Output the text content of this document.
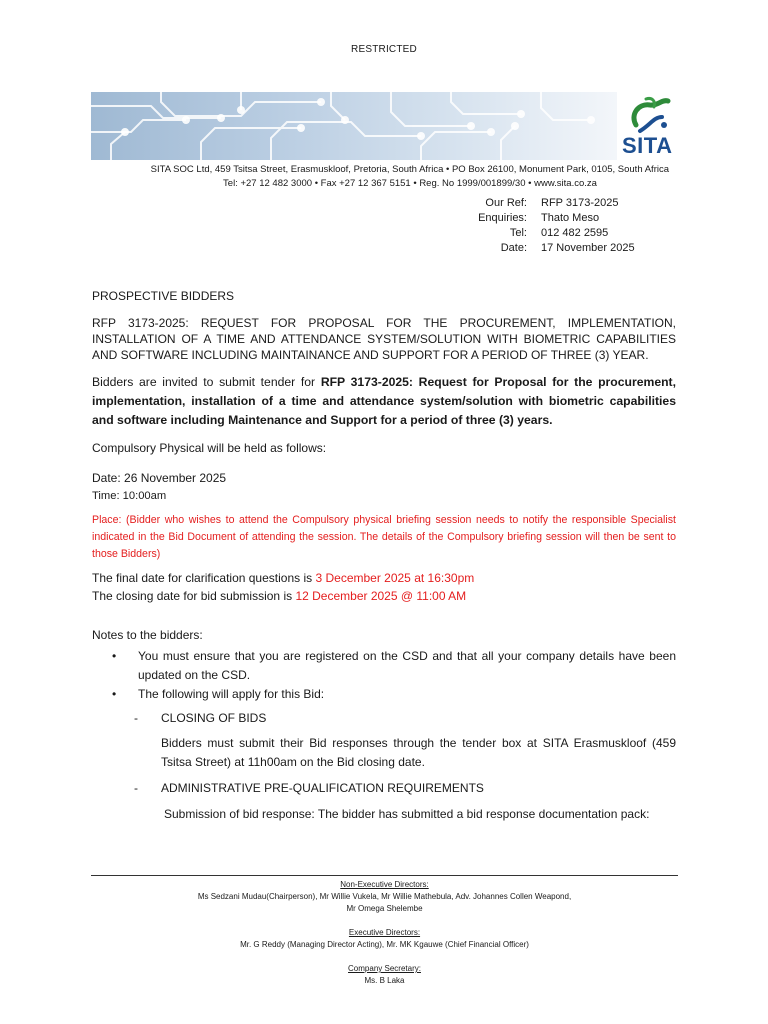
RESTRICTED
SITA
SITA SOC Ltd, 459 Tsitsa Street, Erasmuskloof, Pretoria, South Africa • PO Box 26100, Monument Park, 0105, South Africa
Tel: +27 12 482 3000 • Fax +27 12 367 5151 • Reg. No 1999/001899/30 • www.sita.co.za
Our Ref:	RFP 3173-2025
Enquiries:	Thato Meso
Tel:	012 482 2595
Date:	17 November 2025
PROSPECTIVE BIDDERS
RFP 3173-2025: REQUEST FOR PROPOSAL FOR THE PROCUREMENT, IMPLEMENTATION, INSTALLATION OF A TIME AND ATTENDANCE SYSTEM/SOLUTION WITH BIOMETRIC CAPABILITIES AND SOFTWARE INCLUDING MAINTAINANCE AND SUPPORT FOR A PERIOD OF THREE (3) YEAR.
Bidders are invited to submit tender for RFP 3173-2025: Request for Proposal for the procurement, implementation, installation of a time and attendance system/solution with biometric capabilities and software including Maintenance and Support for a period of three (3) years.
Compulsory Physical will be held as follows:
Date: 26 November 2025
Time: 10:00am
Place: (Bidder who wishes to attend the Compulsory physical briefing session needs to notify the responsible Specialist indicated in the Bid Document of attending the session. The details of the Compulsory briefing session will then be sent to those Bidders)
The final date for clarification questions is 3 December 2025 at 16:30pm
The closing date for bid submission is 12 December 2025 @ 11:00 AM
Notes to the bidders:
• You must ensure that you are registered on the CSD and that all your company details have been updated on the CSD.
• The following will apply for this Bid:
- CLOSING OF BIDS
Bidders must submit their Bid responses through the tender box at SITA Erasmuskloof (459 Tsitsa Street) at 11h00am on the Bid closing date.
- ADMINISTRATIVE PRE-QUALIFICATION REQUIREMENTS
Submission of bid response: The bidder has submitted a bid response documentation pack:
Non-Executive Directors:
Ms Sedzani Mudau(Chairperson), Mr Willie Vukela, Mr Willie Mathebula, Adv. Johannes Collen Weapond,
Mr Omega Shelembe
Executive Directors:
Mr. G Reddy (Managing Director Acting), Mr. MK Kgauwe (Chief Financial Officer)
Company Secretary:
Ms. B Laka
